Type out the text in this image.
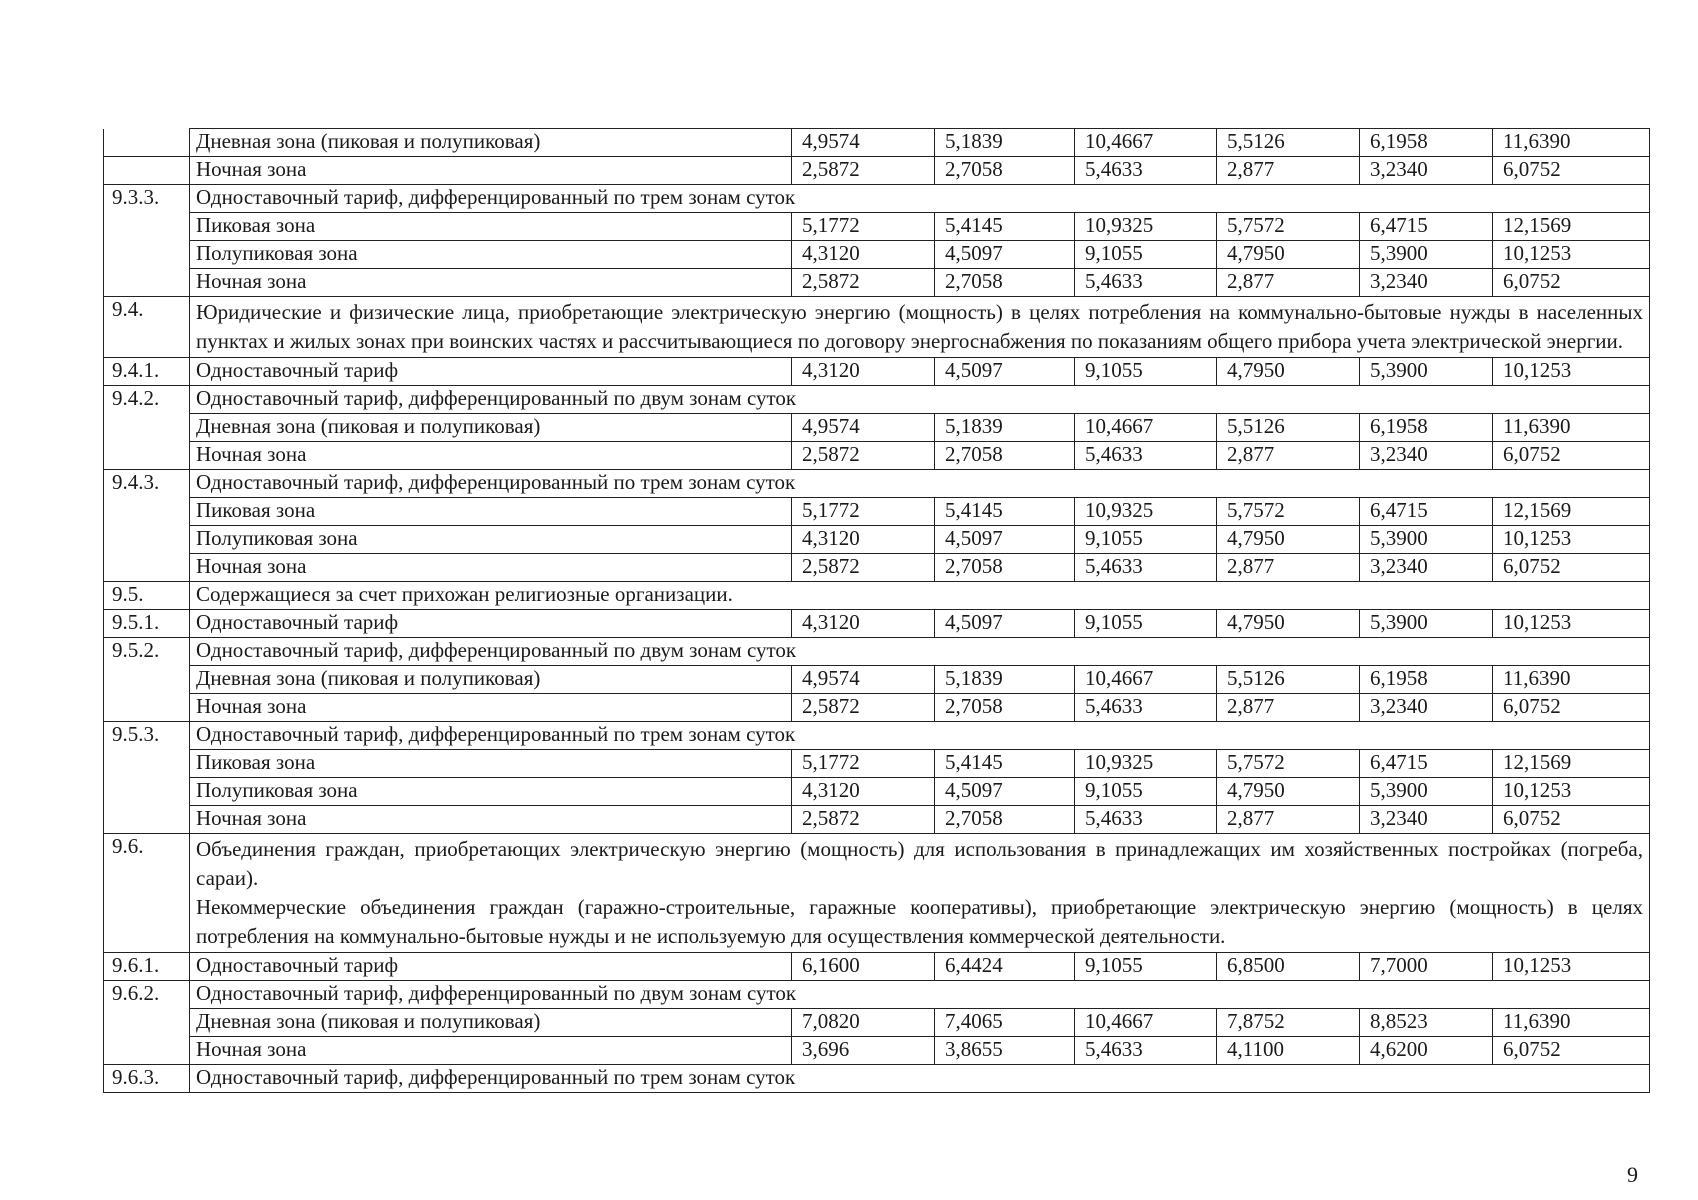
	Дневная зона (пиковая и полупиковая)	4,9574	5,1839	10,4667	5,5126	6,1958	11,6390
	Ночная зона	2,5872	2,7058	5,4633	2,877	3,2340	6,0752
9.3.3.	Одноставочный тариф, дифференцированный по трем зонам суток						
	Пиковая зона	5,1772	5,4145	10,9325	5,7572	6,4715	12,1569
	Полупиковая зона	4,3120	4,5097	9,1055	4,7950	5,3900	10,1253
	Ночная зона	2,5872	2,7058	5,4633	2,877	3,2340	6,0752
9.4.	Юридические и физические лица, приобретающие электрическую энергию (мощность) в целях потребления на коммунально-бытовые нужды в населенных пунктах и жилых зонах при воинских частях и рассчитывающиеся по договору энергоснабжения по показаниям общего прибора учета электрической энергии.						

9.4.1.	Одноставочный тариф	4,3120	4,5097	9,1055	4,7950	5,3900	10,1253
9.4.2.	Одноставочный тариф, дифференцированный по двум зонам суток						
	Дневная зона (пиковая и полупиковая)	4,9574	5,1839	10,4667	5,5126	6,1958	11,6390
	Ночная зона	2,5872	2,7058	5,4633	2,877	3,2340	6,0752
9.4.3.	Одноставочный тариф, дифференцированный по трем зонам суток						
	Пиковая зона	5,1772	5,4145	10,9325	5,7572	6,4715	12,1569
	Полупиковая зона	4,3120	4,5097	9,1055	4,7950	5,3900	10,1253
	Ночная зона	2,5872	2,7058	5,4633	2,877	3,2340	6,0752
9.5.	Содержащиеся за счет прихожан религиозные организации.						
9.5.1.	Одноставочный тариф	4,3120	4,5097	9,1055	4,7950	5,3900	10,1253
9.5.2.	Одноставочный тариф, дифференцированный по двум зонам суток						
	Дневная зона (пиковая и полупиковая)	4,9574	5,1839	10,4667	5,5126	6,1958	11,6390
	Ночная зона	2,5872	2,7058	5,4633	2,877	3,2340	6,0752
9.5.3.	Одноставочный тариф, дифференцированный по трем зонам суток						
	Пиковая зона	5,1772	5,4145	10,9325	5,7572	6,4715	12,1569
	Полупиковая зона	4,3120	4,5097	9,1055	4,7950	5,3900	10,1253
	Ночная зона	2,5872	2,7058	5,4633	2,877	3,2340	6,0752
9.6.	Объединения граждан, приобретающих электрическую энергию (мощность) для использования в принадлежащих им хозяйственных постройках (погреба, сараи).
Некоммерческие объединения граждан (гаражно-строительные, гаражные кооперативы), приобретающие электрическую энергию (мощность) в целях потребления на коммунально-бытовые нужды и не используемую для осуществления коммерческой деятельности.						

9.6.1.	Одноставочный тариф	6,1600	6,4424	9,1055	6,8500	7,7000	10,1253
9.6.2.	Одноставочный тариф, дифференцированный по двум зонам суток						
	Дневная зона (пиковая и полупиковая)	7,0820	7,4065	10,4667	7,8752	8,8523	11,6390
	Ночная зона	3,696	3,8655	5,4633	4,1100	4,6200	6,0752
9.6.3.	Одноставочный тариф, дифференцированный по трем зонам суток						
9
